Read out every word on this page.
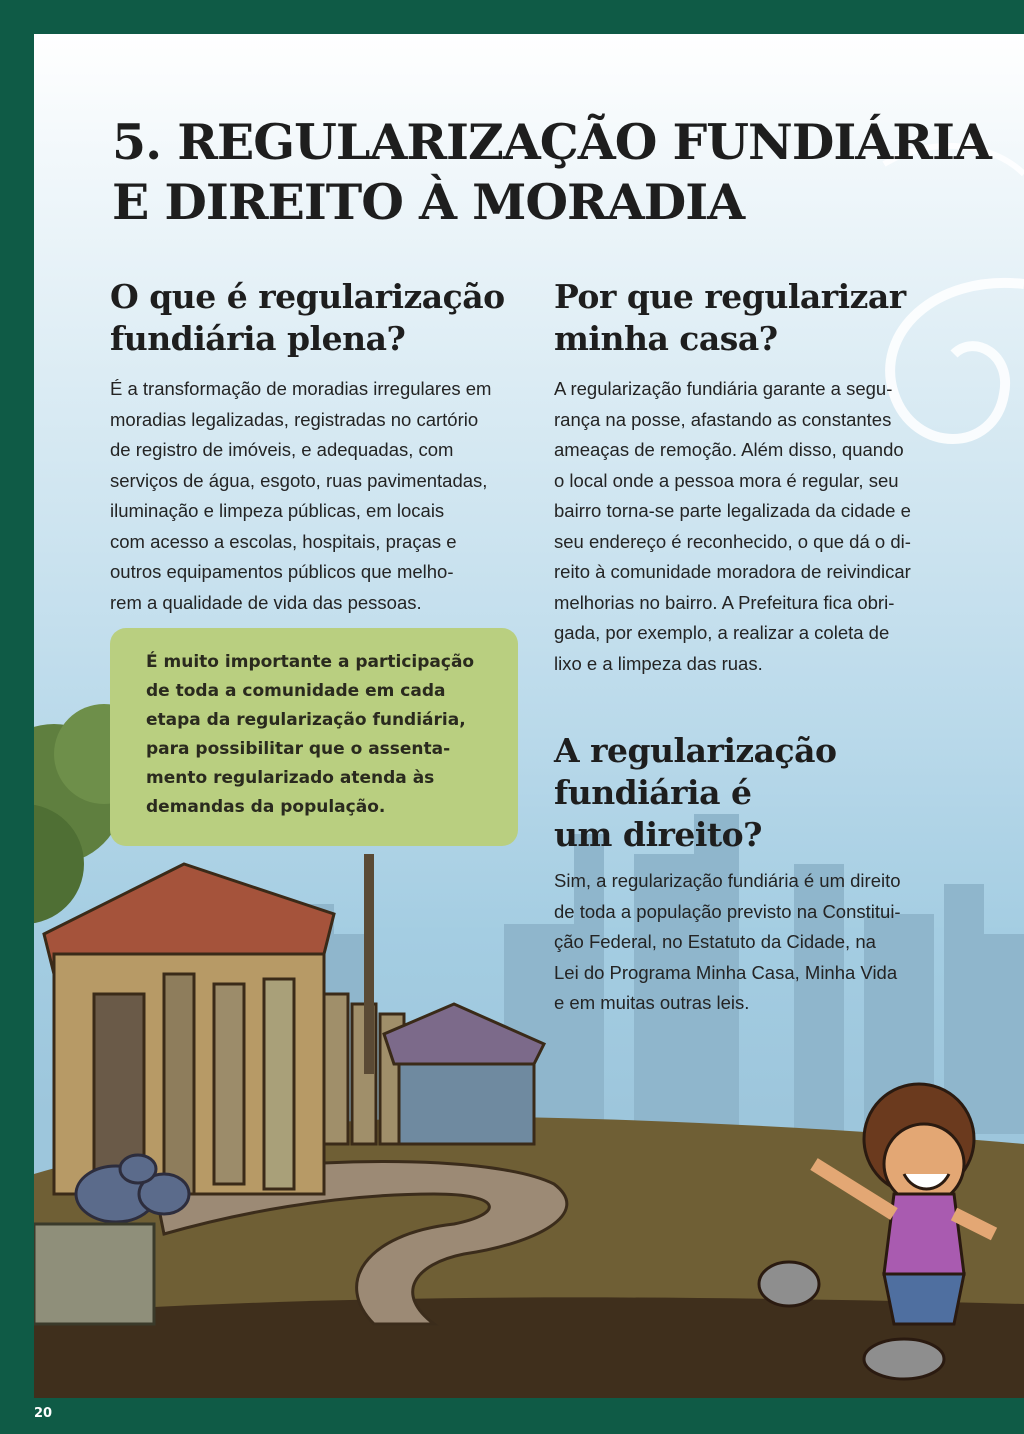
5. REGULARIZAÇÃO FUNDIÁRIA
E DIREITO À MORADIA
O que é regularização
fundiária plena?

É a transformação de moradias irregulares em
moradias legalizadas, registradas no cartório
de registro de imóveis, e adequadas, com
serviços de água, esgoto, ruas pavimentadas,
iluminação e limpeza públicas, em locais
com acesso a escolas, hospitais, praças e
outros equipamentos públicos que melho-
rem a qualidade de vida das pessoas.

É muito importante a participação
de toda a comunidade em cada
etapa da regularização fundiária,
para possibilitar que o assenta-
mento regularizado atenda às
demandas da população.

Por que regularizar
minha casa?

A regularização fundiária garante a segu-
rança na posse, afastando as constantes
ameaças de remoção. Além disso, quando
o local onde a pessoa mora é regular, seu
bairro torna-se parte legalizada da cidade e
seu endereço é reconhecido, o que dá o di-
reito à comunidade moradora de reivindicar
melhorias no bairro. A Prefeitura fica obri-
gada, por exemplo, a realizar a coleta de
lixo e a limpeza das ruas.

A regularização
fundiária é
um direito?

Sim, a regularização fundiária é um direito
de toda a população previsto na Constitui-
ção Federal, no Estatuto da Cidade, na
Lei do Programa Minha Casa, Minha Vida
e em muitas outras leis.

20
